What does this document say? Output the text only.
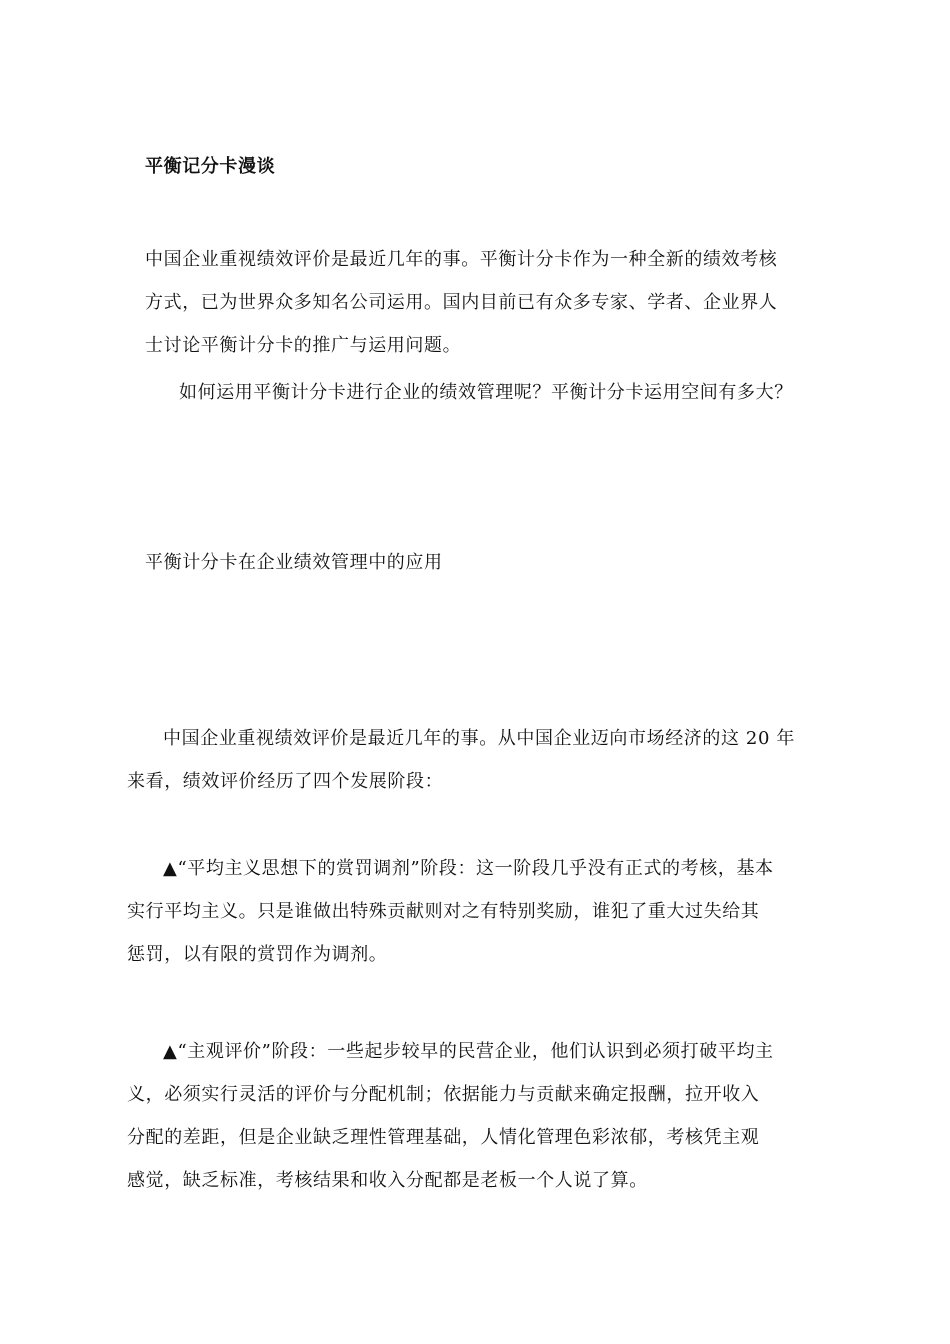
平衡记分卡漫谈
中国企业重视绩效评价是最近几年的事。平衡计分卡作为一种全新的绩效考核
方式，已为世界众多知名公司运用。国内目前已有众多专家、学者、企业界人
士讨论平衡计分卡的推广与运用问题。
如何运用平衡计分卡进行企业的绩效管理呢？平衡计分卡运用空间有多大？
平衡计分卡在企业绩效管理中的应用
中国企业重视绩效评价是最近几年的事。从中国企业迈向市场经济的这 20 年
来看，绩效评价经历了四个发展阶段：
▲“平均主义思想下的赏罚调剂”阶段：这一阶段几乎没有正式的考核，基本
实行平均主义。只是谁做出特殊贡献则对之有特别奖励，谁犯了重大过失给其
惩罚，以有限的赏罚作为调剂。
▲“主观评价”阶段：一些起步较早的民营企业，他们认识到必须打破平均主
义，必须实行灵活的评价与分配机制；依据能力与贡献来确定报酬，拉开收入
分配的差距，但是企业缺乏理性管理基础，人情化管理色彩浓郁，考核凭主观
感觉，缺乏标准，考核结果和收入分配都是老板一个人说了算。
